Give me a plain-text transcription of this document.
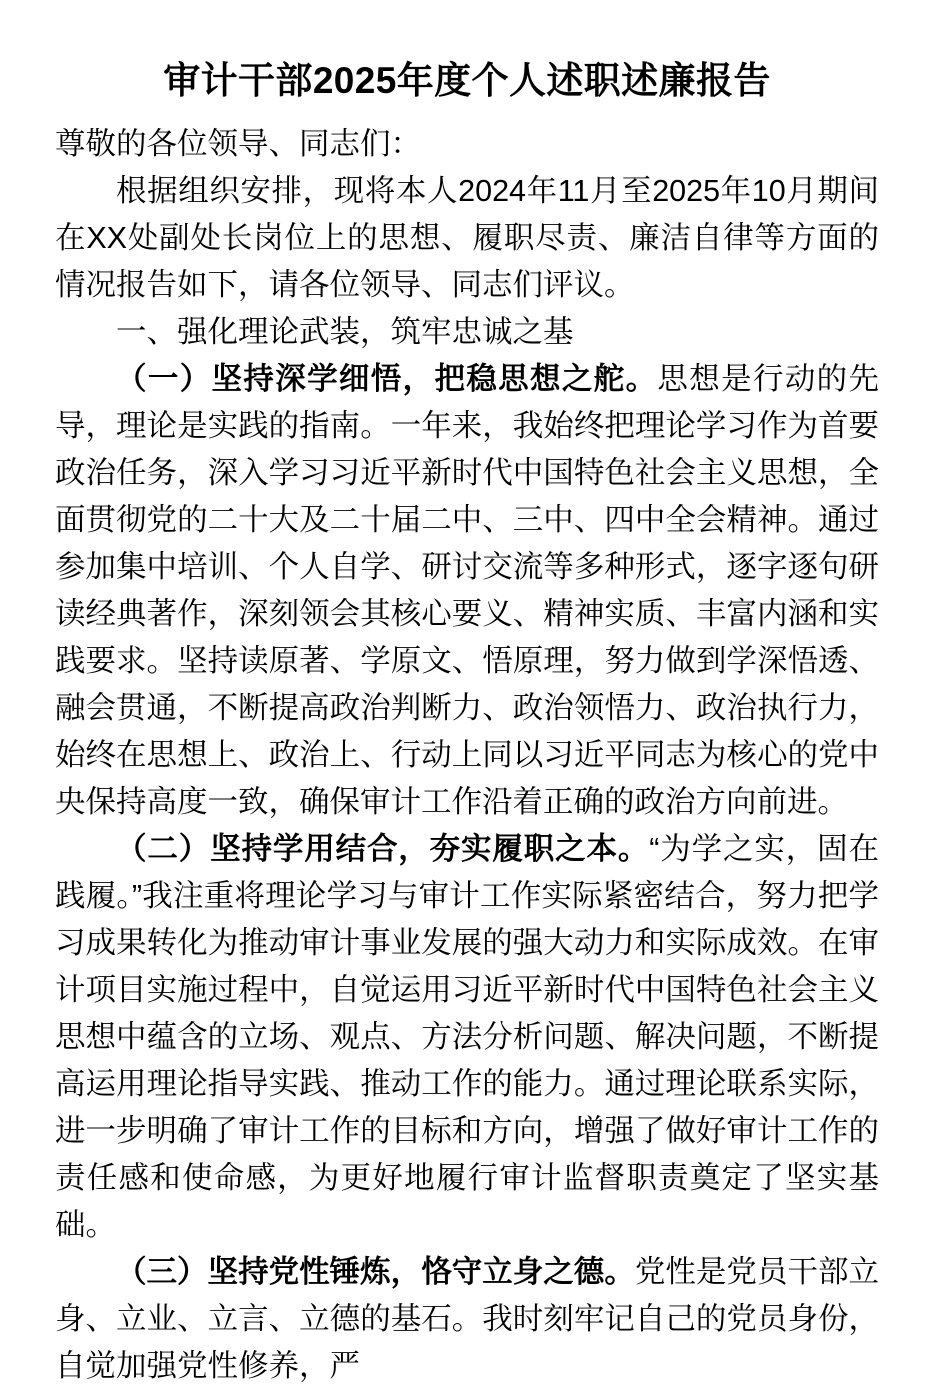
审计干部2025年度个人述职述廉报告

尊敬的各位领导、同志们：

根据组织安排，现将本人2024年11月至2025年10月期间在XX处副处长岗位上的思想、履职尽责、廉洁自律等方面的情况报告如下，请各位领导、同志们评议。

一、强化理论武装，筑牢忠诚之基

（一）坚持深学细悟，把稳思想之舵。思想是行动的先导，理论是实践的指南。一年来，我始终把理论学习作为首要政治任务，深入学习习近平新时代中国特色社会主义思想，全面贯彻党的二十大及二十届二中、三中、四中全会精神。通过参加集中培训、个人自学、研讨交流等多种形式，逐字逐句研读经典著作，深刻领会其核心要义、精神实质、丰富内涵和实践要求。坚持读原著、学原文、悟原理，努力做到学深悟透、融会贯通，不断提高政治判断力、政治领悟力、政治执行力，始终在思想上、政治上、行动上同以习近平同志为核心的党中央保持高度一致，确保审计工作沿着正确的政治方向前进。

（二）坚持学用结合，夯实履职之本。“为学之实，固在践履。”我注重将理论学习与审计工作实际紧密结合，努力把学习成果转化为推动审计事业发展的强大动力和实际成效。在审计项目实施过程中，自觉运用习近平新时代中国特色社会主义思想中蕴含的立场、观点、方法分析问题、解决问题，不断提高运用理论指导实践、推动工作的能力。通过理论联系实际，进一步明确了审计工作的目标和方向，增强了做好审计工作的责任感和使命感，为更好地履行审计监督职责奠定了坚实基础。

（三）坚持党性锤炼，恪守立身之德。党性是党员干部立身、立业、立言、立德的基石。我时刻牢记自己的党员身份，自觉加强党性修养，严
